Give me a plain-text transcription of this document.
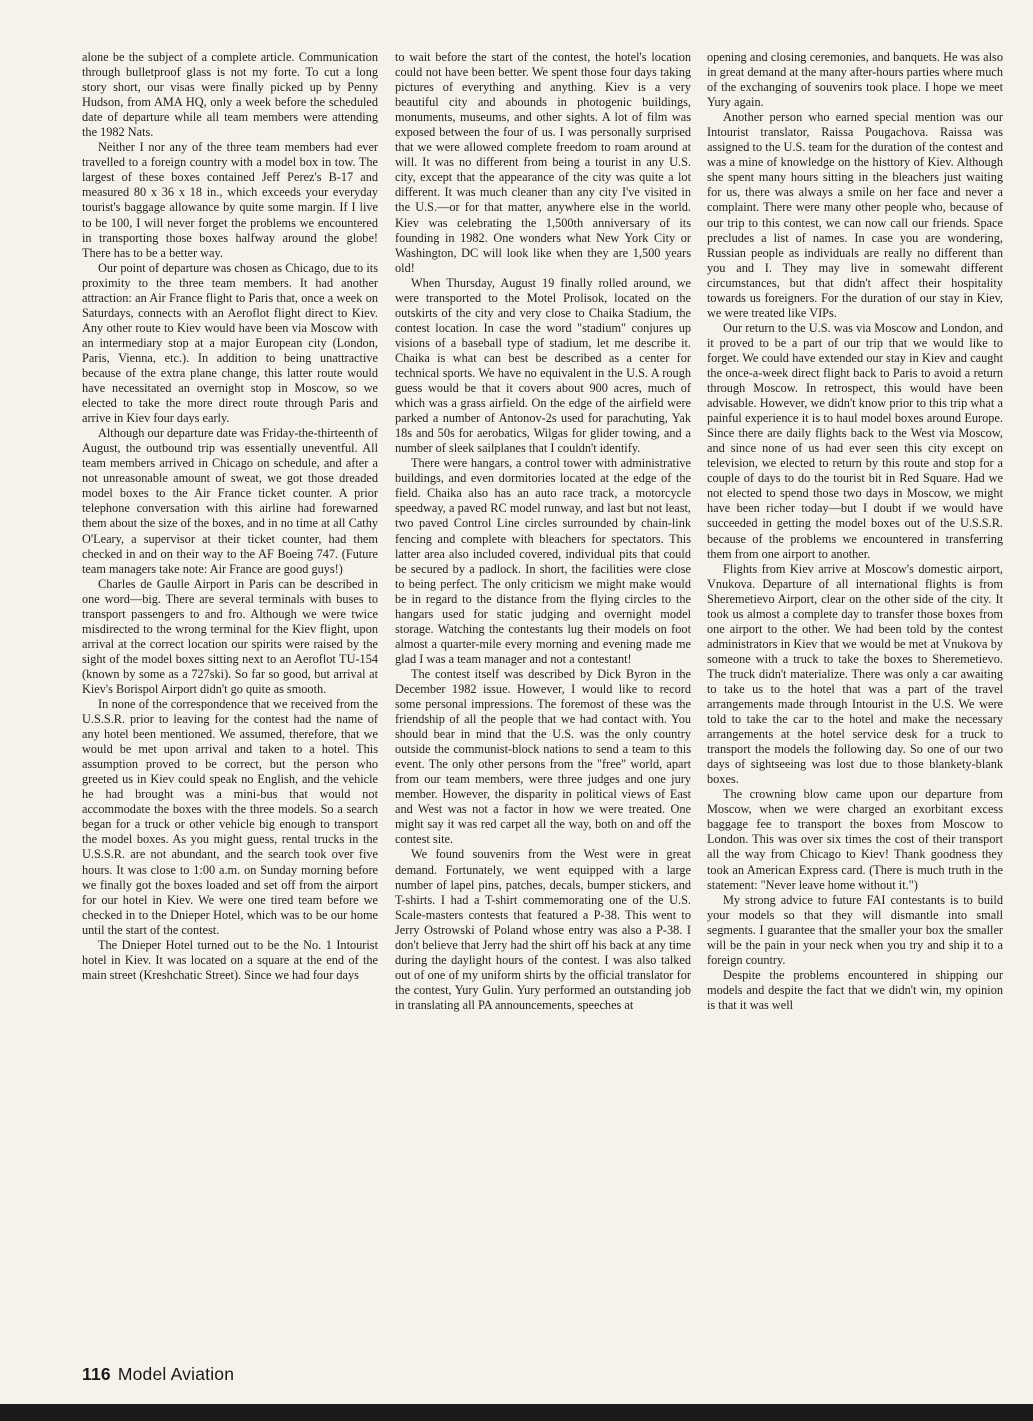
alone be the subject of a complete article. Communication through bulletproof glass is not my forte. To cut a long story short, our visas were finally picked up by Penny Hudson, from AMA HQ, only a week before the scheduled date of departure while all team members were attending the 1982 Nats.

Neither I nor any of the three team members had ever travelled to a foreign country with a model box in tow. The largest of these boxes contained Jeff Perez's B-17 and measured 80 x 36 x 18 in., which exceeds your everyday tourist's baggage allowance by quite some margin. If I live to be 100, I will never forget the problems we encountered in transporting those boxes halfway around the globe! There has to be a better way.

Our point of departure was chosen as Chicago, due to its proximity to the three team members. It had another attraction: an Air France flight to Paris that, once a week on Saturdays, connects with an Aeroflot flight direct to Kiev. Any other route to Kiev would have been via Moscow with an intermediary stop at a major European city (London, Paris, Vienna, etc.). In addition to being unattractive because of the extra plane change, this latter route would have necessitated an overnight stop in Moscow, so we elected to take the more direct route through Paris and arrive in Kiev four days early.

Although our departure date was Friday-the-thirteenth of August, the outbound trip was essentially uneventful. All team members arrived in Chicago on schedule, and after a not unreasonable amount of sweat, we got those dreaded model boxes to the Air France ticket counter. A prior telephone conversation with this airline had forewarned them about the size of the boxes, and in no time at all Cathy O'Leary, a supervisor at their ticket counter, had them checked in and on their way to the AF Boeing 747. (Future team managers take note: Air France are good guys!)

Charles de Gaulle Airport in Paris can be described in one word—big. There are several terminals with buses to transport passengers to and fro. Although we were twice misdirected to the wrong terminal for the Kiev flight, upon arrival at the correct location our spirits were raised by the sight of the model boxes sitting next to an Aeroflot TU-154 (known by some as a 727ski). So far so good, but arrival at Kiev's Borispol Airport didn't go quite as smooth.

In none of the correspondence that we received from the U.S.S.R. prior to leaving for the contest had the name of any hotel been mentioned. We assumed, therefore, that we would be met upon arrival and taken to a hotel. This assumption proved to be correct, but the person who greeted us in Kiev could speak no English, and the vehicle he had brought was a mini-bus that would not accommodate the boxes with the three models. So a search began for a truck or other vehicle big enough to transport the model boxes. As you might guess, rental trucks in the U.S.S.R. are not abundant, and the search took over five hours. It was close to 1:00 a.m. on Sunday morning before we finally got the boxes loaded and set off from the airport for our hotel in Kiev. We were one tired team before we checked in to the Dnieper Hotel, which was to be our home until the start of the contest.

The Dnieper Hotel turned out to be the No. 1 Intourist hotel in Kiev. It was located on a square at the end of the main street (Kreshchatic Street). Since we had four days

to wait before the start of the contest, the hotel's location could not have been better. We spent those four days taking pictures of everything and anything. Kiev is a very beautiful city and abounds in photogenic buildings, monuments, museums, and other sights. A lot of film was exposed between the four of us. I was personally surprised that we were allowed complete freedom to roam around at will. It was no different from being a tourist in any U.S. city, except that the appearance of the city was quite a lot different. It was much cleaner than any city I've visited in the U.S.—or for that matter, anywhere else in the world. Kiev was celebrating the 1,500th anniversary of its founding in 1982. One wonders what New York City or Washington, DC will look like when they are 1,500 years old!

When Thursday, August 19 finally rolled around, we were transported to the Motel Prolisok, located on the outskirts of the city and very close to Chaika Stadium, the contest location. In case the word "stadium" conjures up visions of a baseball type of stadium, let me describe it. Chaika is what can best be described as a center for technical sports. We have no equivalent in the U.S. A rough guess would be that it covers about 900 acres, much of which was a grass airfield. On the edge of the airfield were parked a number of Antonov-2s used for parachuting, Yak 18s and 50s for aerobatics, Wilgas for glider towing, and a number of sleek sailplanes that I couldn't identify.

There were hangars, a control tower with administrative buildings, and even dormitories located at the edge of the field. Chaika also has an auto race track, a motorcycle speedway, a paved RC model runway, and last but not least, two paved Control Line circles surrounded by chain-link fencing and complete with bleachers for spectators. This latter area also included covered, individual pits that could be secured by a padlock. In short, the facilities were close to being perfect. The only criticism we might make would be in regard to the distance from the flying circles to the hangars used for static judging and overnight model storage. Watching the contestants lug their models on foot almost a quarter-mile every morning and evening made me glad I was a team manager and not a contestant!

The contest itself was described by Dick Byron in the December 1982 issue. However, I would like to record some personal impressions. The foremost of these was the friendship of all the people that we had contact with. You should bear in mind that the U.S. was the only country outside the communist-block nations to send a team to this event. The only other persons from the "free" world, apart from our team members, were three judges and one jury member. However, the disparity in political views of East and West was not a factor in how we were treated. One might say it was red carpet all the way, both on and off the contest site.

We found souvenirs from the West were in great demand. Fortunately, we went equipped with a large number of lapel pins, patches, decals, bumper stickers, and T-shirts. I had a T-shirt commemorating one of the U.S. Scale-masters contests that featured a P-38. This went to Jerry Ostrowski of Poland whose entry was also a P-38. I don't believe that Jerry had the shirt off his back at any time during the daylight hours of the contest. I was also talked out of one of my uniform shirts by the official translator for the contest, Yury Gulin. Yury performed an outstanding job in translating all PA announcements, speeches at

opening and closing ceremonies, and banquets. He was also in great demand at the many after-hours parties where much of the exchanging of souvenirs took place. I hope we meet Yury again.

Another person who earned special mention was our Intourist translator, Raissa Pougachova. Raissa was assigned to the U.S. team for the duration of the contest and was a mine of knowledge on the histtory of Kiev. Although she spent many hours sitting in the bleachers just waiting for us, there was always a smile on her face and never a complaint. There were many other people who, because of our trip to this contest, we can now call our friends. Space precludes a list of names. In case you are wondering, Russian people as individuals are really no different than you and I. They may live in somewaht different circumstances, but that didn't affect their hospitality towards us foreigners. For the duration of our stay in Kiev, we were treated like VIPs.

Our return to the U.S. was via Moscow and London, and it proved to be a part of our trip that we would like to forget. We could have extended our stay in Kiev and caught the once-a-week direct flight back to Paris to avoid a return through Moscow. In retrospect, this would have been advisable. However, we didn't know prior to this trip what a painful experience it is to haul model boxes around Europe. Since there are daily flights back to the West via Moscow, and since none of us had ever seen this city except on television, we elected to return by this route and stop for a couple of days to do the tourist bit in Red Square. Had we not elected to spend those two days in Moscow, we might have been richer today—but I doubt if we would have succeeded in getting the model boxes out of the U.S.S.R. because of the problems we encountered in transferring them from one airport to another.

Flights from Kiev arrive at Moscow's domestic airport, Vnukova. Departure of all international flights is from Sheremetievo Airport, clear on the other side of the city. It took us almost a complete day to transfer those boxes from one airport to the other. We had been told by the contest administrators in Kiev that we would be met at Vnukova by someone with a truck to take the boxes to Sheremetievo. The truck didn't materialize. There was only a car awaiting to take us to the hotel that was a part of the travel arrangements made through Intourist in the U.S. We were told to take the car to the hotel and make the necessary arrangements at the hotel service desk for a truck to transport the models the following day. So one of our two days of sightseeing was lost due to those blankety-blank boxes.

The crowning blow came upon our departure from Moscow, when we were charged an exorbitant excess baggage fee to transport the boxes from Moscow to London. This was over six times the cost of their transport all the way from Chicago to Kiev! Thank goodness they took an American Express card. (There is much truth in the statement: "Never leave home without it.")

My strong advice to future FAI contestants is to build your models so that they will dismantle into small segments. I guarantee that the smaller your box the smaller will be the pain in your neck when you try and ship it to a foreign country.

Despite the problems encountered in shipping our models and despite the fact that we didn't win, my opinion is that it was well

116 Model Aviation
